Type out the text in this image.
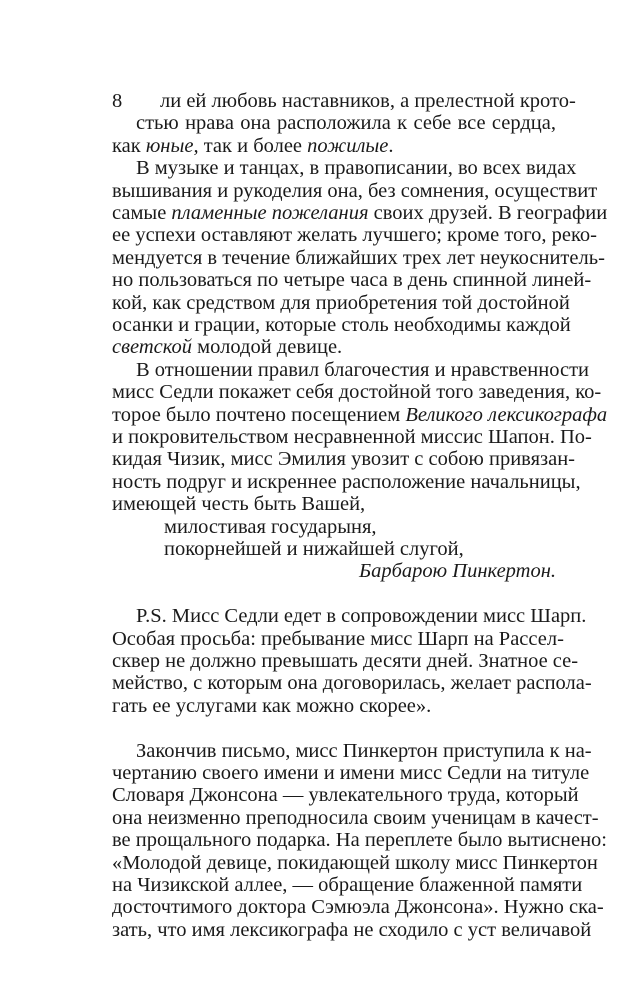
8 ли ей любовь наставников, а прелестной крото-
стью нрава она расположила к себе все сердца,
как юные, так и более пожилые.
В музыке и танцах, в правописании, во всех видах
вышивания и рукоделия она, без сомнения, осуществит
самые пламенные пожелания своих друзей. В географии
ее успехи оставляют желать лучшего; кроме того, реко-
мендуется в течение ближайших трех лет неукоснитель-
но пользоваться по четыре часа в день спинной линей-
кой, как средством для приобретения той достойной
осанки и грации, которые столь необходимы каждой
светской молодой девице.
В отношении правил благочестия и нравственности
мисс Седли покажет себя достойной того заведения, ко-
торое было почтено посещением Великого лексикографа
и покровительством несравненной миссис Шапон. По-
кидая Чизик, мисс Эмилия увозит с собою привязан-
ность подруг и искреннее расположение начальницы,
имеющей честь быть Вашей,
милостивая государыня,
покорнейшей и нижайшей слугой,
Барбарою Пинкертон.
P.S. Мисс Седли едет в сопровождении мисс Шарп.
Особая просьба: пребывание мисс Шарп на Рассел-
сквер не должно превышать десяти дней. Знатное се-
мейство, с которым она договорилась, желает распола-
гать ее услугами как можно скорее».
Закончив письмо, мисс Пинкертон приступила к на-
чертанию своего имени и имени мисс Седли на титуле
Словаря Джонсона — увлекательного труда, который
она неизменно преподносила своим ученицам в качест-
ве прощального подарка. На переплете было вытиснено:
«Молодой девице, покидающей школу мисс Пинкертон
на Чизикской аллее, — обращение блаженной памяти
досточтимого доктора Сэмюэла Джонсона». Нужно ска-
зать, что имя лексикографа не сходило с уст величавой
